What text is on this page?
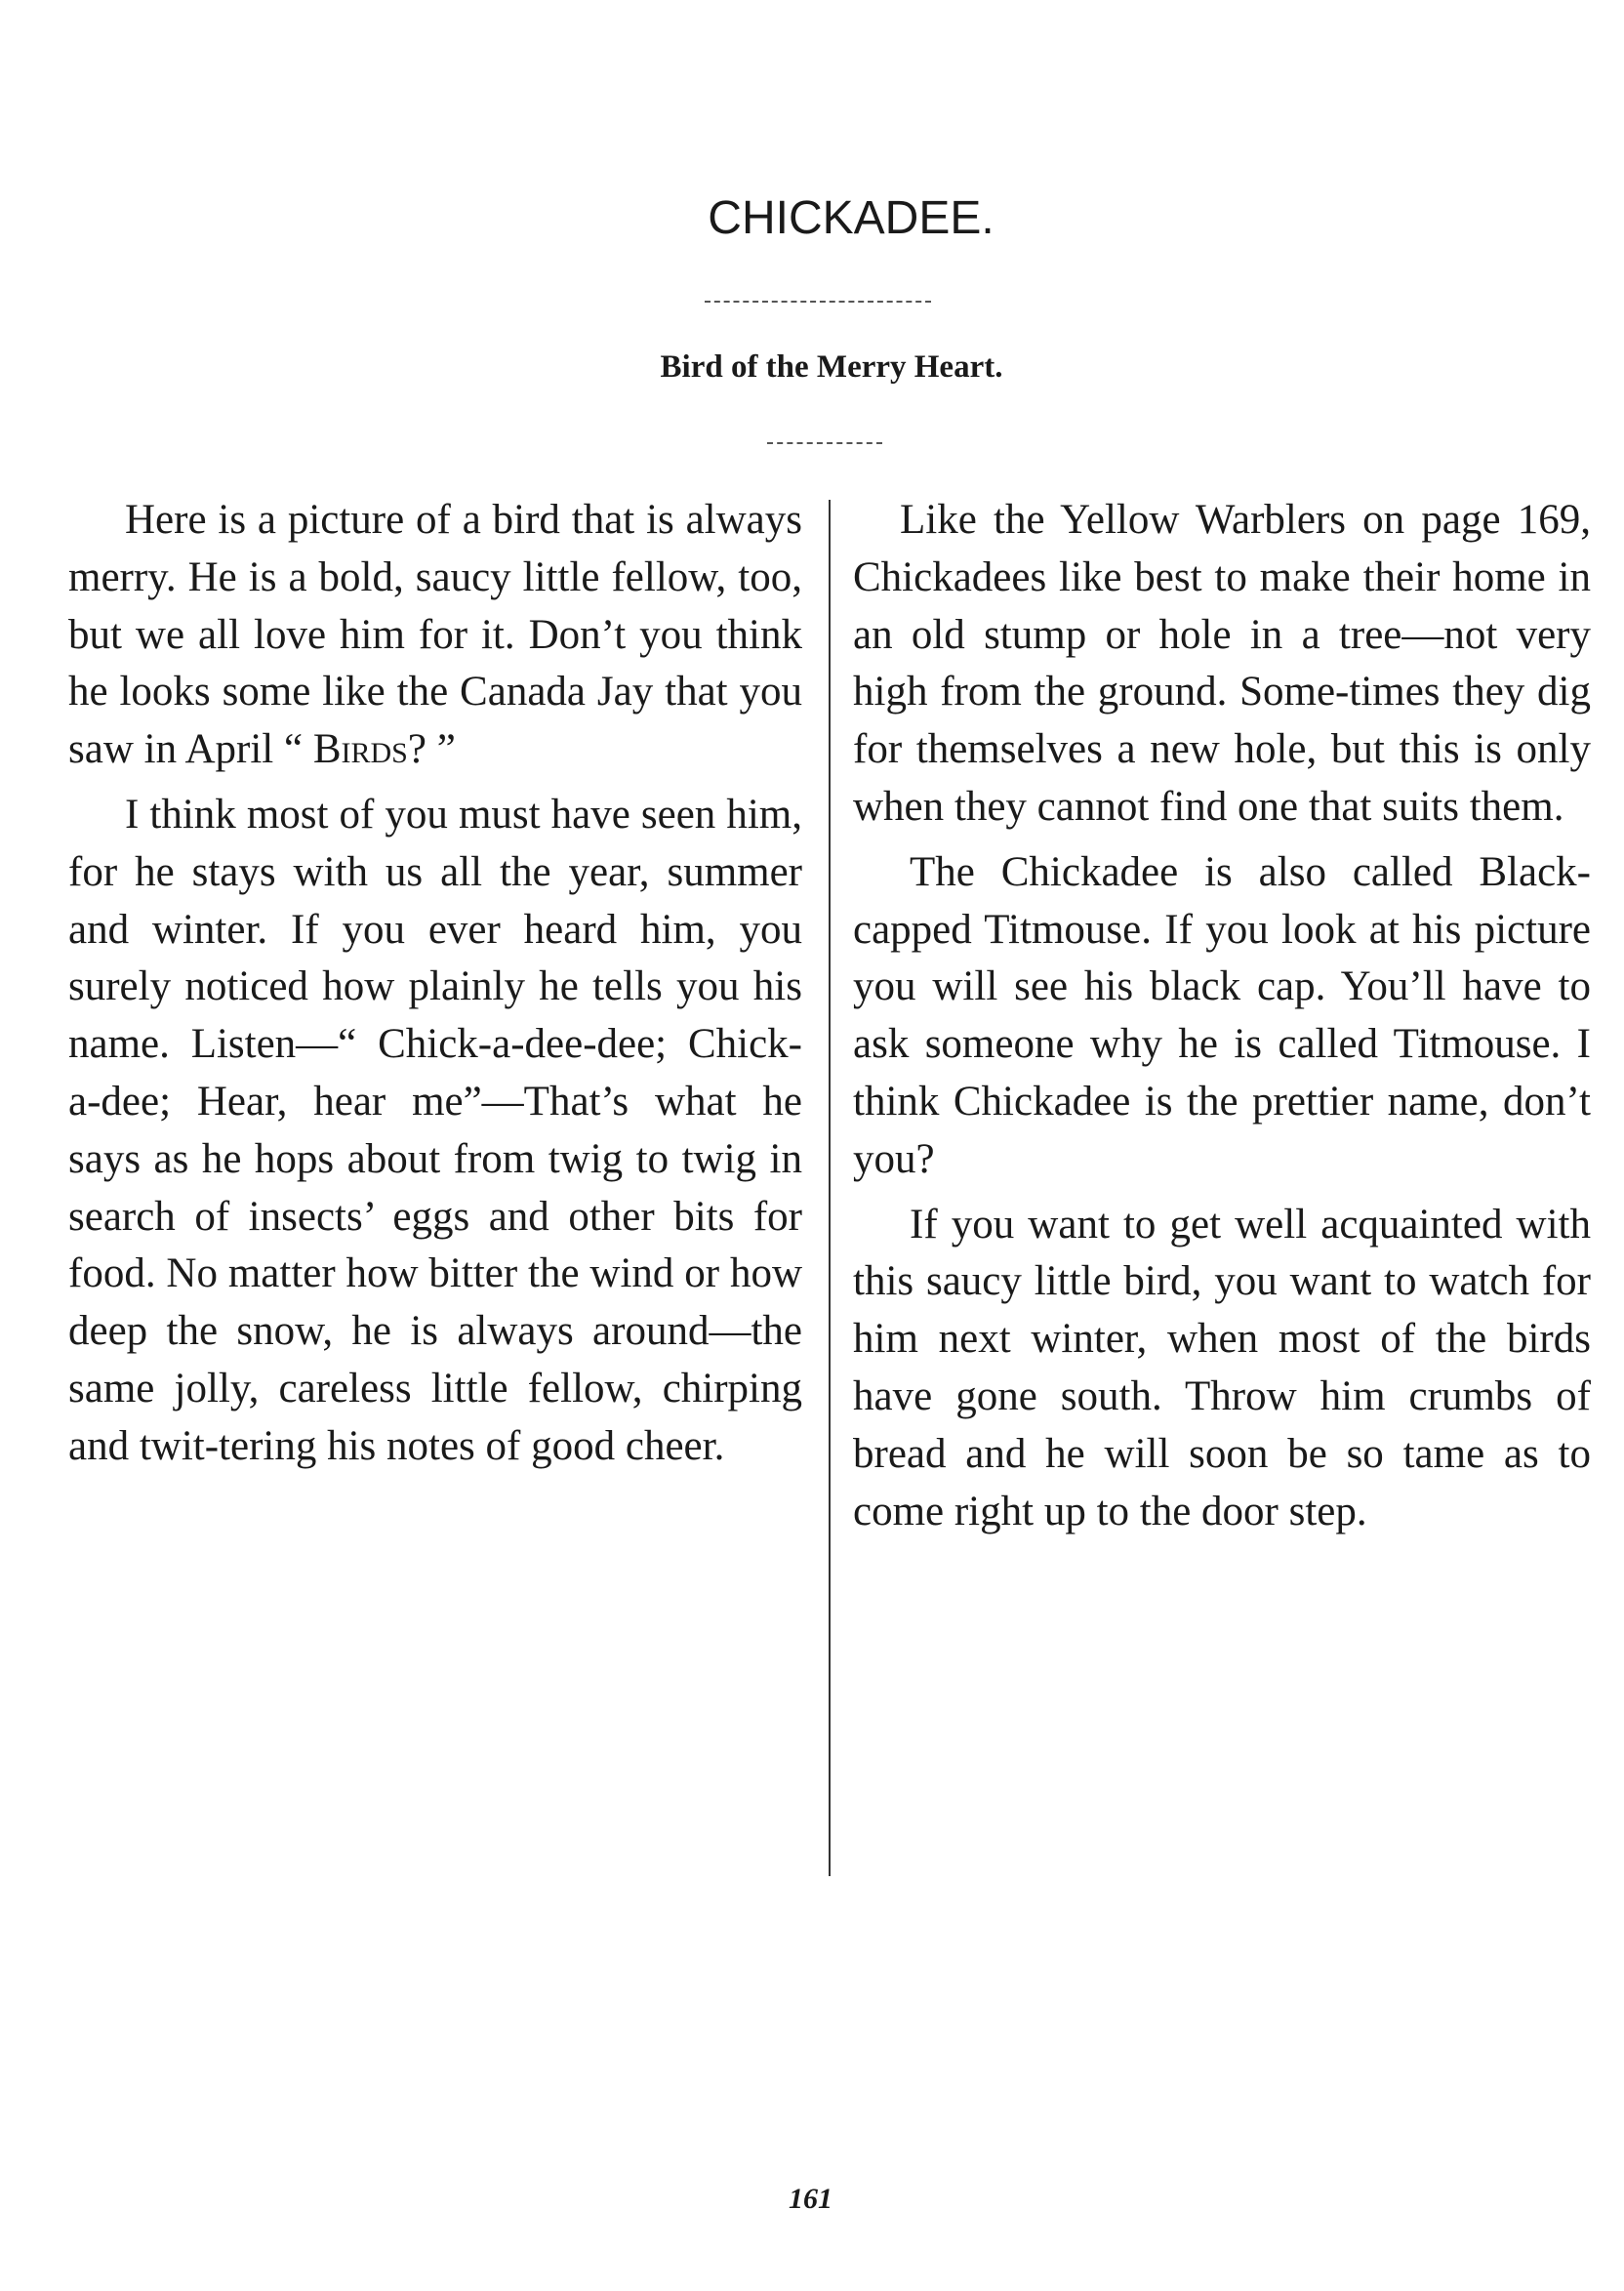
CHICKADEE.
Bird of the Merry Heart.

Here is a picture of a bird that is always merry. He is a bold, saucy little fellow, too, but we all love him for it. Don’t you think he looks some like the Canada Jay that you saw in April “ Birds? ”

I think most of you must have seen him, for he stays with us all the year, summer and winter. If you ever heard him, you surely noticed how plainly he tells you his name. Listen—“ Chick-a-dee-dee; Chick-a-dee; Hear, hear me”—That’s what he says as he hops about from twig to twig in search of insects’ eggs and other bits for food. No matter how bitter the wind or how deep the snow, he is always around—the same jolly, careless little fellow, chirping and twit-tering his notes of good cheer.

Like the Yellow Warblers on page 169, Chickadees like best to make their home in an old stump or hole in a tree—not very high from the ground. Some-times they dig for themselves a new hole, but this is only when they cannot find one that suits them.

The Chickadee is also called Black-capped Titmouse. If you look at his picture you will see his black cap. You’ll have to ask someone why he is called Titmouse. I think Chickadee is the prettier name, don’t you?

If you want to get well acquainted with this saucy little bird, you want to watch for him next winter, when most of the birds have gone south. Throw him crumbs of bread and he will soon be so tame as to come right up to the door step.

161
